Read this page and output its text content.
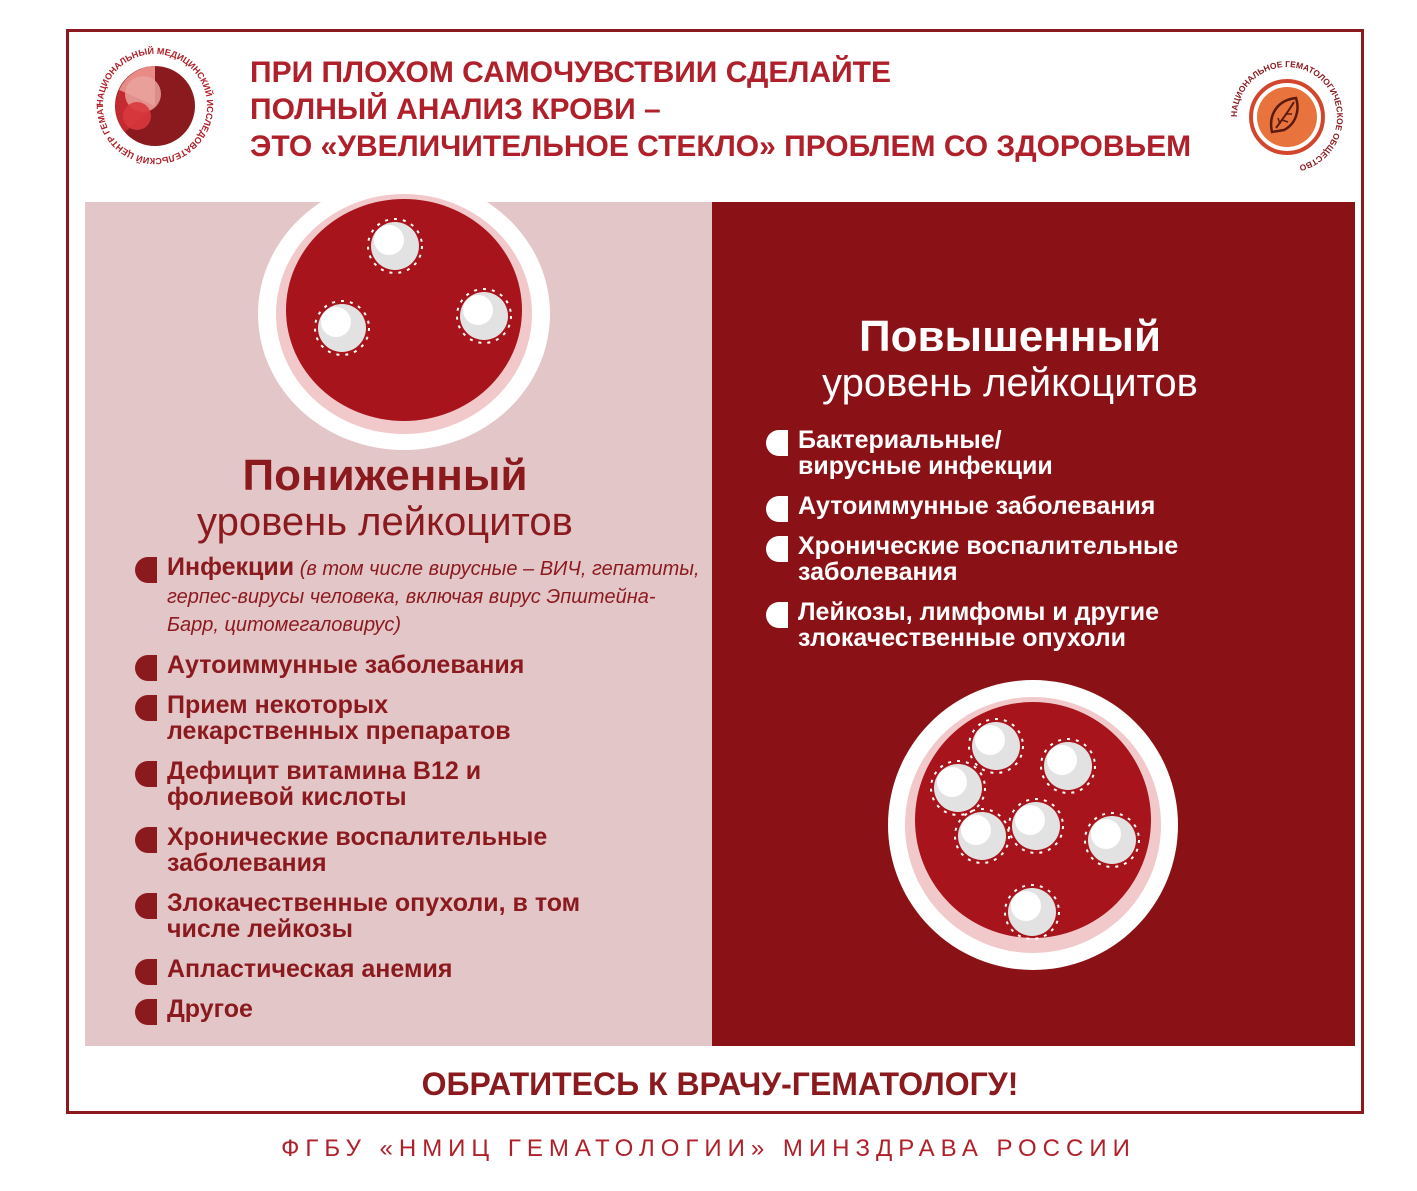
НАЦИОНАЛЬНЫЙ МЕДИЦИНСКИЙ ИССЛЕДОВАТЕЛЬСКИЙ ЦЕНТР ГЕМАТ
ПРИ ПЛОХОМ САМОЧУВСТВИИ СДЕЛАЙТЕ
ПОЛНЫЙ АНАЛИЗ КРОВИ –
ЭТО «УВЕЛИЧИТЕЛЬНОЕ СТЕКЛО» ПРОБЛЕМ СО ЗДОРОВЬЕМ
НАЦИОНАЛЬНОЕ ГЕМАТОЛОГИЧЕСКОЕ ОБЩЕСТВО
Пониженный
уровень лейкоцитов
Повышенный
уровень лейкоцитов
Инфекции (в том числе вирусные – ВИЧ, гепатиты, герпес-вирусы человека, включая вирус Эпштейна-Барр, цитомегаловирус)
Аутоиммунные заболевания
Прием некоторых лекарственных препаратов
Дефицит витамина В12 и фолиевой кислоты
Хронические воспалительные заболевания
Злокачественные опухоли, в том числе лейкозы
Апластическая анемия
Другое
Бактериальные/ вирусные инфекции
Аутоиммунные заболевания
Хронические воспалительные заболевания
Лейкозы, лимфомы и другие злокачественные опухоли
ОБРАТИТЕСЬ К ВРАЧУ-ГЕМАТОЛОГУ!
ФГБУ «НМИЦ ГЕМАТОЛОГИИ» МИНЗДРАВА РОССИИ
